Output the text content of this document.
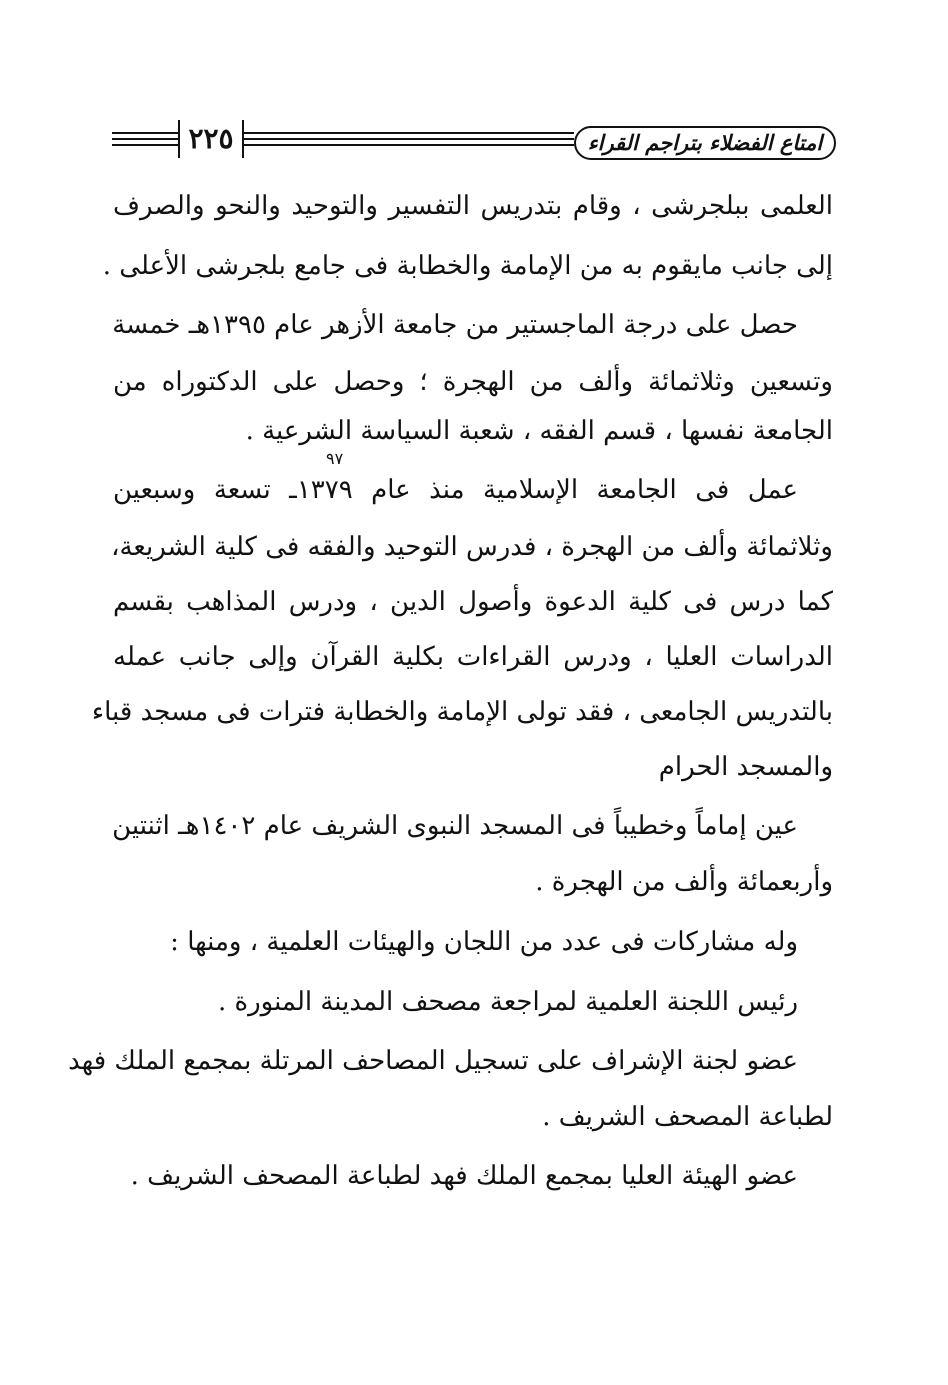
٢٢٥	امتاع الفضلاء بتراجم القراء
العلمى ببلجرشى ، وقام بتدريس التفسير والتوحيد والنحو والصرف
إلى جانب مايقوم به من الإمامة والخطابة فى جامع بلجرشى الأعلى .
حصل على درجة الماجستير من جامعة الأزهر عام ١٣٩٥هـ خمسة
وتسعين وثلاثمائة وألف من الهجرة ؛ وحصل على الدكتوراه من
الجامعة نفسها ، قسم الفقه ، شعبة السياسة الشرعية .
٩٧
عمل فى الجامعة الإسلامية منذ عام ١٣٧٩ـ تسعة وسبعين
وثلاثمائة وألف من الهجرة ، فدرس التوحيد والفقه فى كلية الشريعة،
كما درس فى كلية الدعوة وأصول الدين ، ودرس المذاهب بقسم
الدراسات العليا ، ودرس القراءات بكلية القرآن وإلى جانب عمله
بالتدريس الجامعى ، فقد تولى الإمامة والخطابة فترات فى مسجد قباء
والمسجد الحرام
عين إماماً وخطيباً فى المسجد النبوى الشريف عام ١٤٠٢هـ اثنتين
وأربعمائة وألف من الهجرة .
وله مشاركات فى عدد من اللجان والهيئات العلمية ، ومنها :
رئيس اللجنة العلمية لمراجعة مصحف المدينة المنورة .
عضو لجنة الإشراف على تسجيل المصاحف المرتلة بمجمع الملك فهد
لطباعة المصحف الشريف .
عضو الهيئة العليا بمجمع الملك فهد لطباعة المصحف الشريف .
